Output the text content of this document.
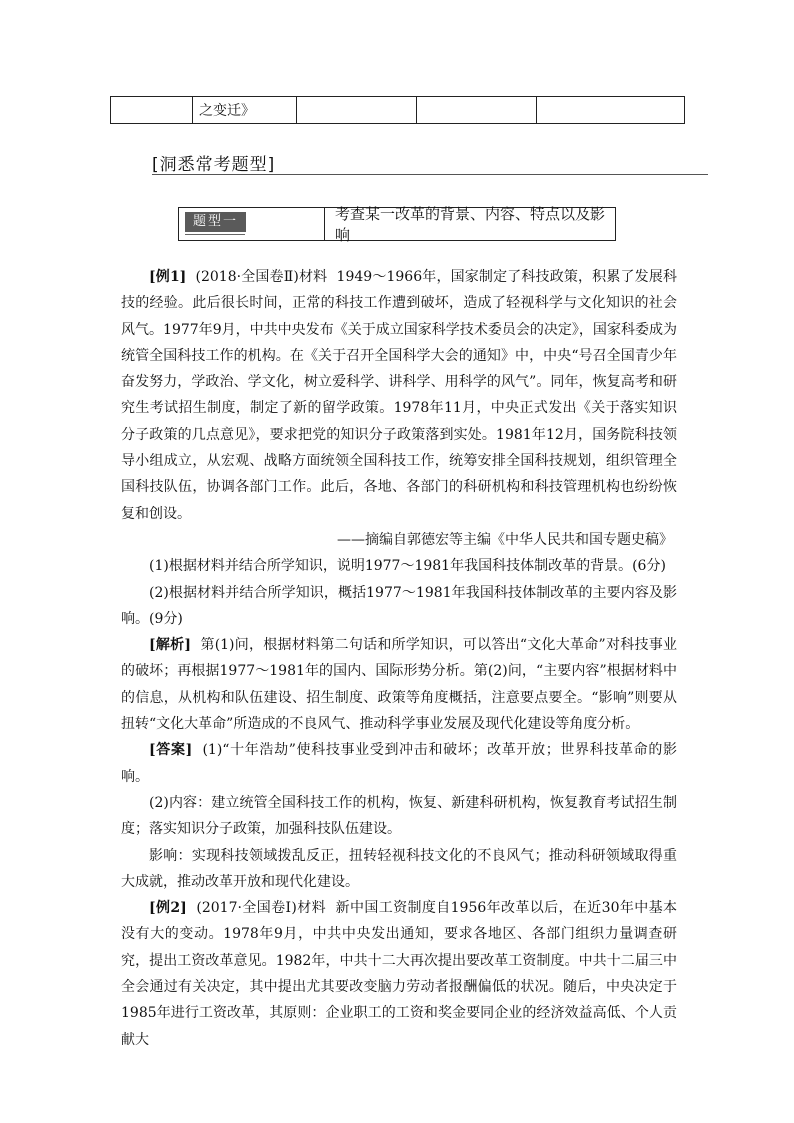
	之变迁》			
[洞悉常考题型]
题型一	考查某一改革的背景、内容、特点以及影响

[例1] (2018·全国卷Ⅱ)材料 1949～1966年，国家制定了科技政策，积累了发展科技的经验。此后很长时间，正常的科技工作遭到破坏，造成了轻视科学与文化知识的社会风气。1977年9月，中共中央发布《关于成立国家科学技术委员会的决定》，国家科委成为统管全国科技工作的机构。在《关于召开全国科学大会的通知》中，中央“号召全国青少年奋发努力，学政治、学文化，树立爱科学、讲科学、用科学的风气”。同年，恢复高考和研究生考试招生制度，制定了新的留学政策。1978年11月，中央正式发出《关于落实知识分子政策的几点意见》，要求把党的知识分子政策落到实处。1981年12月，国务院科技领导小组成立，从宏观、战略方面统领全国科技工作，统筹安排全国科技规划，组织管理全国科技队伍，协调各部门工作。此后，各地、各部门的科研机构和科技管理机构也纷纷恢复和创设。

——摘编自郭德宏等主编《中华人民共和国专题史稿》

(1)根据材料并结合所学知识，说明1977～1981年我国科技体制改革的背景。(6分)

(2)根据材料并结合所学知识，概括1977～1981年我国科技体制改革的主要内容及影响。(9分)

[解析] 第(1)问，根据材料第二句话和所学知识，可以答出“文化大革命”对科技事业的破坏；再根据1977～1981年的国内、国际形势分析。第(2)问，“主要内容”根据材料中的信息，从机构和队伍建设、招生制度、政策等角度概括，注意要点要全。“影响”则要从扭转“文化大革命”所造成的不良风气、推动科学事业发展及现代化建设等角度分析。

[答案] (1)“十年浩劫”使科技事业受到冲击和破坏；改革开放；世界科技革命的影响。

(2)内容：建立统管全国科技工作的机构，恢复、新建科研机构，恢复教育考试招生制度；落实知识分子政策，加强科技队伍建设。

影响：实现科技领域拨乱反正，扭转轻视科技文化的不良风气；推动科研领域取得重大成就，推动改革开放和现代化建设。

[例2] (2017·全国卷Ⅰ)材料 新中国工资制度自1956年改革以后，在近30年中基本没有大的变动。1978年9月，中共中央发出通知，要求各地区、各部门组织力量调查研究，提出工资改革意见。1982年，中共十二大再次提出要改革工资制度。中共十二届三中全会通过有关决定，其中提出尤其要改变脑力劳动者报酬偏低的状况。随后，中央决定于1985年进行工资改革，其原则：企业职工的工资和奖金要同企业的经济效益高低、个人贡献大
